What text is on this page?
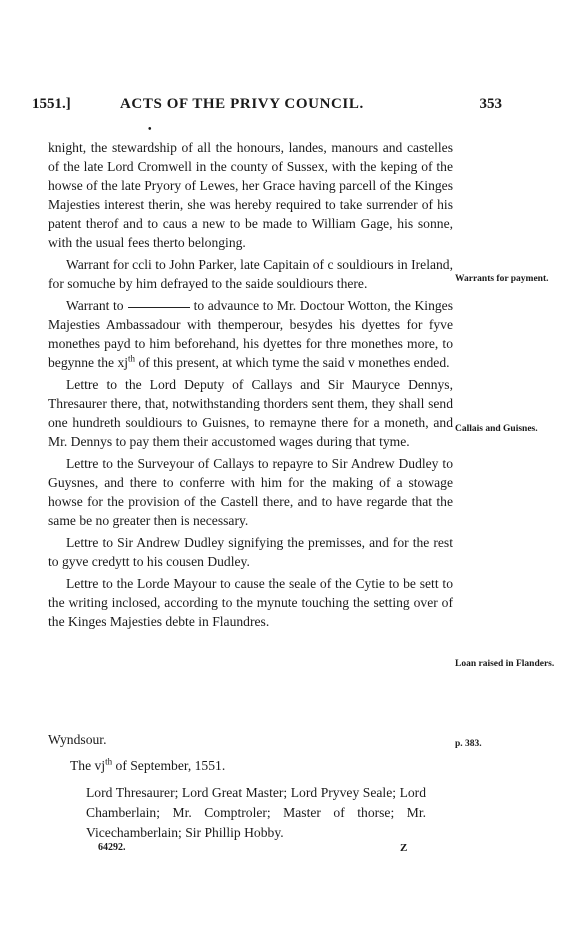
1551.]	ACTS OF THE PRIVY COUNCIL.	353
•

knight, the stewardship of all the honours, landes, manours and castelles of the late Lord Cromwell in the county of Sussex, with the keping of the howse of the late Pryory of Lewes, her Grace having parcell of the Kinges Majesties interest therin, she was hereby required to take surrender of his patent therof and to caus a new to be made to William Gage, his sonne, with the usual fees therto belonging.

Warrant for ccli to John Parker, late Capitain of c souldiours in Ireland, for somuche by him defrayed to the saide souldiours there.

Warrant to	to advaunce to Mr. Doctour Wotton, the Kinges Majesties Ambassadour with themperour, besydes his dyettes for fyve monethes payd to him beforehand, his dyettes for thre monethes more, to begynne the $xj^{th}$ of this present, at which tyme the said v monethes ended.

Lettre to the Lord Deputy of Callays and Sir Mauryce Dennys, Thresaurer there, that, notwithstanding thorders sent them, they shall send one hundreth souldiours to Guisnes, to remayne there for a moneth, and Mr. Dennys to pay them their accustomed wages during that tyme.

Lettre to the Surveyour of Callays to repayre to Sir Andrew Dudley to Guysnes, and there to conferre with him for the making of a stowage howse for the provision of the Castell there, and to have regarde that the same be no greater then is necessary.

Lettre to Sir Andrew Dudley signifying the premisses, and for the rest to gyve credytt to his cousen Dudley.

Lettre to the Lorde Mayour to cause the seale of the Cytie to be sett to the writing inclosed, according to the mynute touching the setting over of the Kinges Majesties debte in Flaundres.

Warrants for payment.
Callais and Guisnes.
Loan raised in Flanders.
p. 383.
Wyndsour.
The $vj^{th}$ of September, 1551.
Lord Thresaurer; Lord Great Master; Lord Pryvey Seale; Lord Chamberlain; Mr. Comptroler; Master of thorse; Mr. Vicechamberlain; Sir Phillip Hobby.
64292.	Z
